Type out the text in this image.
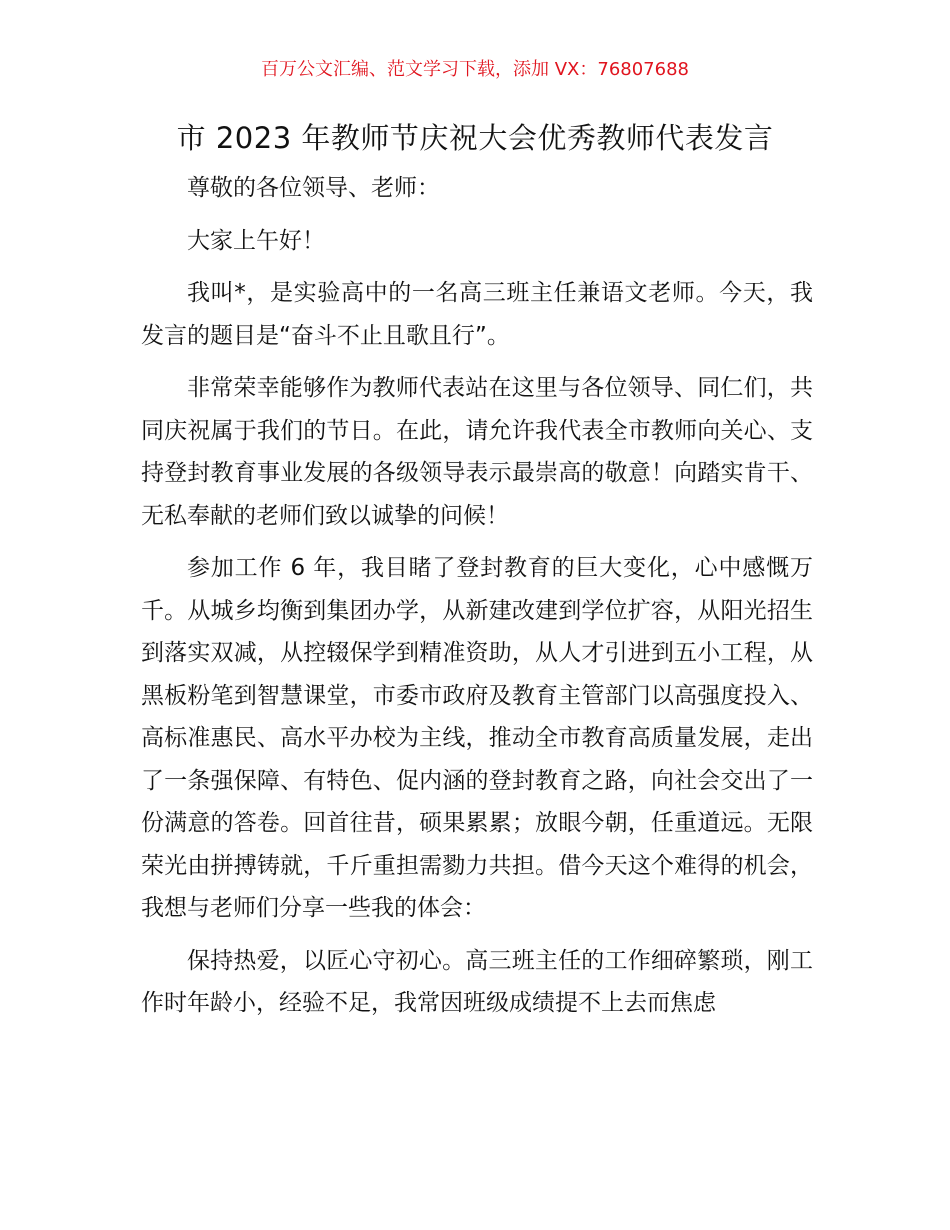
百万公文汇编、范文学习下载，添加 VX：76807688
市 2023 年教师节庆祝大会优秀教师代表发言

尊敬的各位领导、老师：

大家上午好！

我叫*，是实验高中的一名高三班主任兼语文老师。今天，我发言的题目是“奋斗不止且歌且行”。

非常荣幸能够作为教师代表站在这里与各位领导、同仁们，共同庆祝属于我们的节日。在此，请允许我代表全市教师向关心、支持登封教育事业发展的各级领导表示最崇高的敬意！向踏实肯干、无私奉献的老师们致以诚挚的问候！

参加工作 6 年，我目睹了登封教育的巨大变化，心中感慨万千。从城乡均衡到集团办学，从新建改建到学位扩容，从阳光招生到落实双减，从控辍保学到精准资助，从人才引进到五小工程，从黑板粉笔到智慧课堂，市委市政府及教育主管部门以高强度投入、高标准惠民、高水平办校为主线，推动全市教育高质量发展，走出了一条强保障、有特色、促内涵的登封教育之路，向社会交出了一份满意的答卷。回首往昔，硕果累累；放眼今朝，任重道远。无限荣光由拼搏铸就，千斤重担需勠力共担。借今天这个难得的机会，我想与老师们分享一些我的体会：

保持热爱，以匠心守初心。高三班主任的工作细碎繁琐，刚工作时年龄小，经验不足，我常因班级成绩提不上去而焦虑
